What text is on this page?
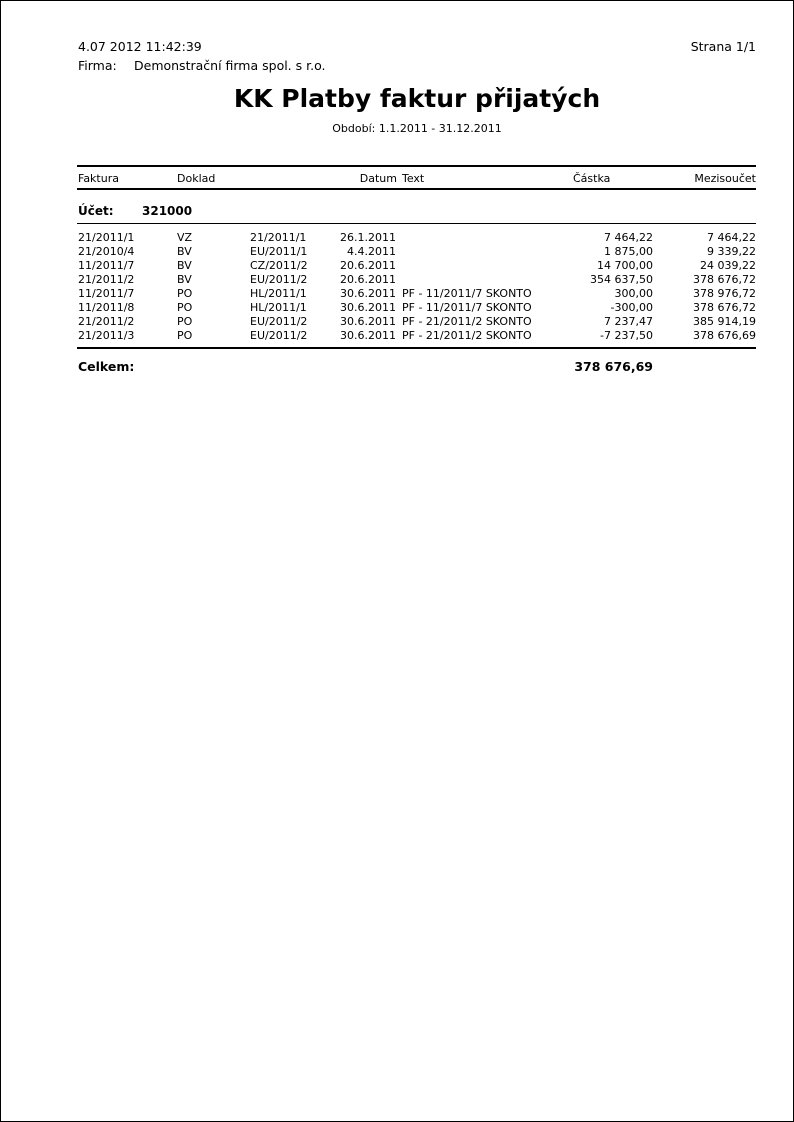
4.07 2012 11:42:39	Strana 1/1
Firma: Demonstrační firma spol. s r.o.
KK Platby faktur přijatých
Období: 1.1.2011 - 31.12.2011
Faktura	Doklad	Datum Text	Částka	Mezisoučet
Účet: 321000
21/2011/1	VZ	21/2011/1	26.1.2011	7 464,22	7 464,22
21/2010/4	BV	EU/2011/1	4.4.2011	1 875,00	9 339,22
11/2011/7	BV	CZ/2011/2	20.6.2011	14 700,00	24 039,22
21/2011/2	BV	EU/2011/2	20.6.2011	354 637,50	378 676,72
11/2011/7	PO	HL/2011/1	30.6.2011 PF - 11/2011/7 SKONTO	300,00	378 976,72
11/2011/8	PO	HL/2011/1	30.6.2011 PF - 11/2011/7 SKONTO	-300,00	378 676,72
21/2011/2	PO	EU/2011/2	30.6.2011 PF - 21/2011/2 SKONTO	7 237,47	385 914,19
21/2011/3	PO	EU/2011/2	30.6.2011 PF - 21/2011/2 SKONTO	-7 237,50	378 676,69
Celkem:	378 676,69
